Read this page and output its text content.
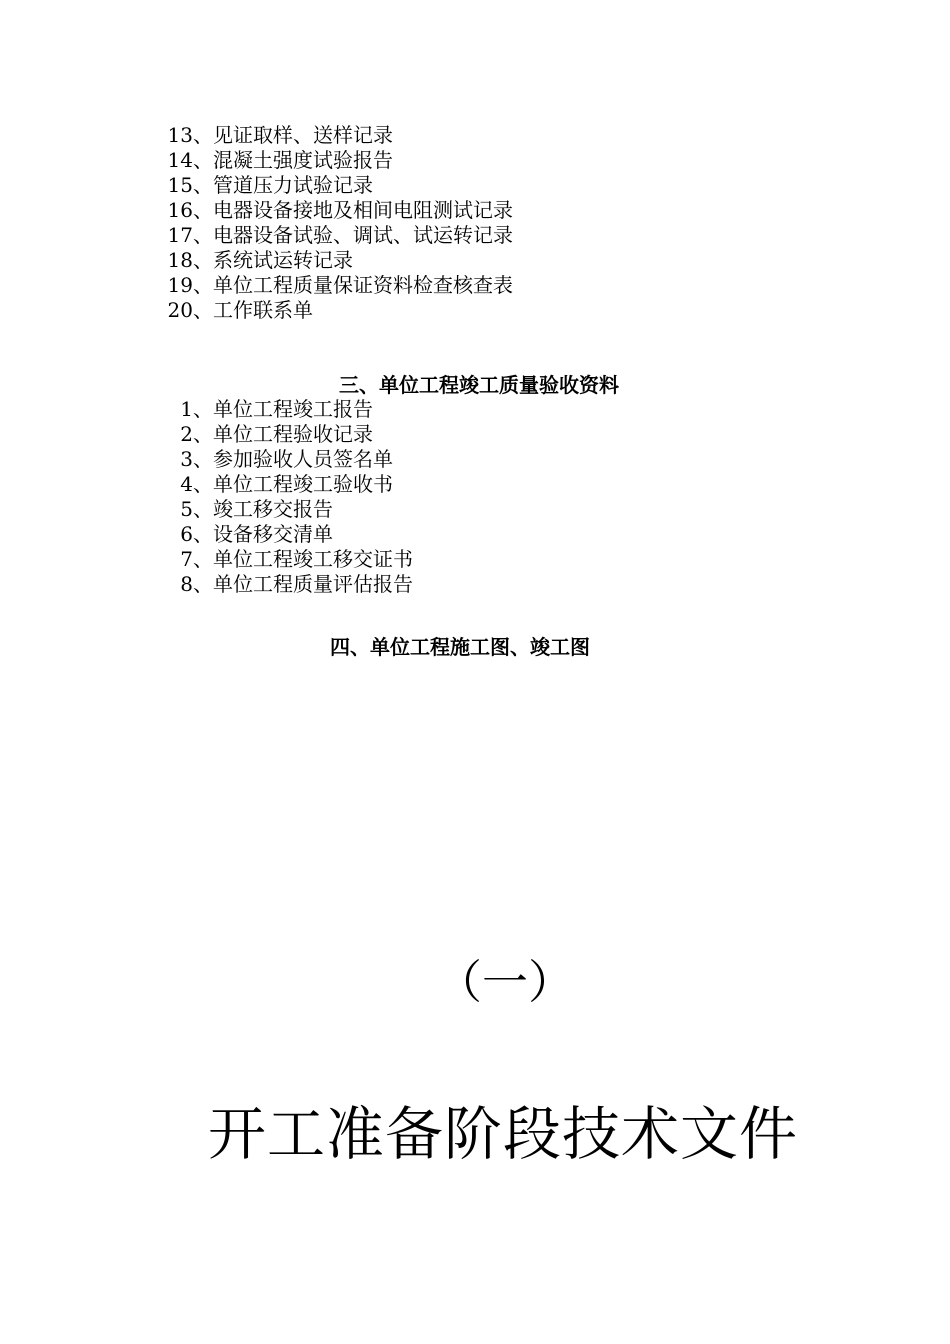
13、见证取样、送样记录
14、混凝土强度试验报告
15、管道压力试验记录
16、电器设备接地及相间电阻测试记录
17、电器设备试验、调试、试运转记录
18、系统试运转记录
19、单位工程质量保证资料检查核查表
20、工作联系单
三、单位工程竣工质量验收资料
1、单位工程竣工报告
2、单位工程验收记录
3、参加验收人员签名单
4、单位工程竣工验收书
5、竣工移交报告
6、设备移交清单
7、单位工程竣工移交证书
8、单位工程质量评估报告
四、单位工程施工图、竣工图
（一）
开工准备阶段技术文件
